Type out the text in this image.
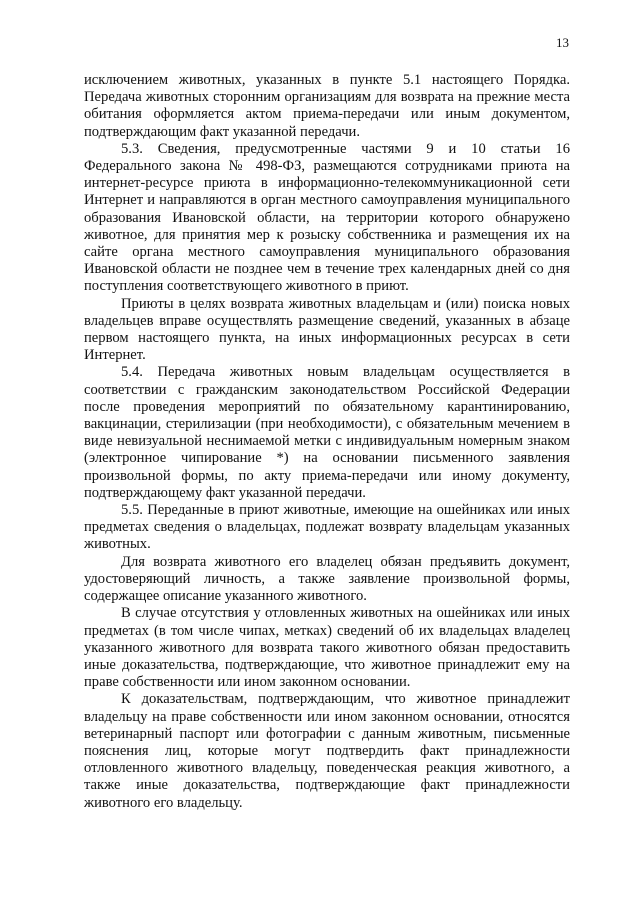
13

исключением животных, указанных в пункте 5.1 настоящего Порядка. Передача животных сторонним организациям для возврата на прежние места обитания оформляется актом приема-передачи или иным документом, подтверждающим факт указанной передачи.

5.3. Сведения, предусмотренные частями 9 и 10 статьи 16 Федерального закона № 498-ФЗ, размещаются сотрудниками приюта на интернет-ресурсе приюта в информационно-телекоммуникационной сети Интернет и направляются в орган местного самоуправления муниципального образования Ивановской области, на территории которого обнаружено животное, для принятия мер к розыску собственника и размещения их на сайте органа местного самоуправления муниципального образования Ивановской области не позднее чем в течение трех календарных дней со дня поступления соответствующего животного в приют.

Приюты в целях возврата животных владельцам и (или) поиска новых владельцев вправе осуществлять размещение сведений, указанных в абзаце первом настоящего пункта, на иных информационных ресурсах в сети Интернет.

5.4. Передача животных новым владельцам осуществляется в соответствии с гражданским законодательством Российской Федерации после проведения мероприятий по обязательному карантинированию, вакцинации, стерилизации (при необходимости), с обязательным мечением в виде невизуальной неснимаемой метки с индивидуальным номерным знаком (электронное чипирование *) на основании письменного заявления произвольной формы, по акту приема-передачи или иному документу, подтверждающему факт указанной передачи.

5.5. Переданные в приют животные, имеющие на ошейниках или иных предметах сведения о владельцах, подлежат возврату владельцам указанных животных.

Для возврата животного его владелец обязан предъявить документ, удостоверяющий личность, а также заявление произвольной формы, содержащее описание указанного животного.

В случае отсутствия у отловленных животных на ошейниках или иных предметах (в том числе чипах, метках) сведений об их владельцах владелец указанного животного для возврата такого животного обязан предоставить иные доказательства, подтверждающие, что животное принадлежит ему на праве собственности или ином законном основании.

К доказательствам, подтверждающим, что животное принадлежит владельцу на праве собственности или ином законном основании, относятся ветеринарный паспорт или фотографии с данным животным, письменные пояснения лиц, которые могут подтвердить факт принадлежности отловленного животного владельцу, поведенческая реакция животного, а также иные доказательства, подтверждающие факт принадлежности животного его владельцу.
